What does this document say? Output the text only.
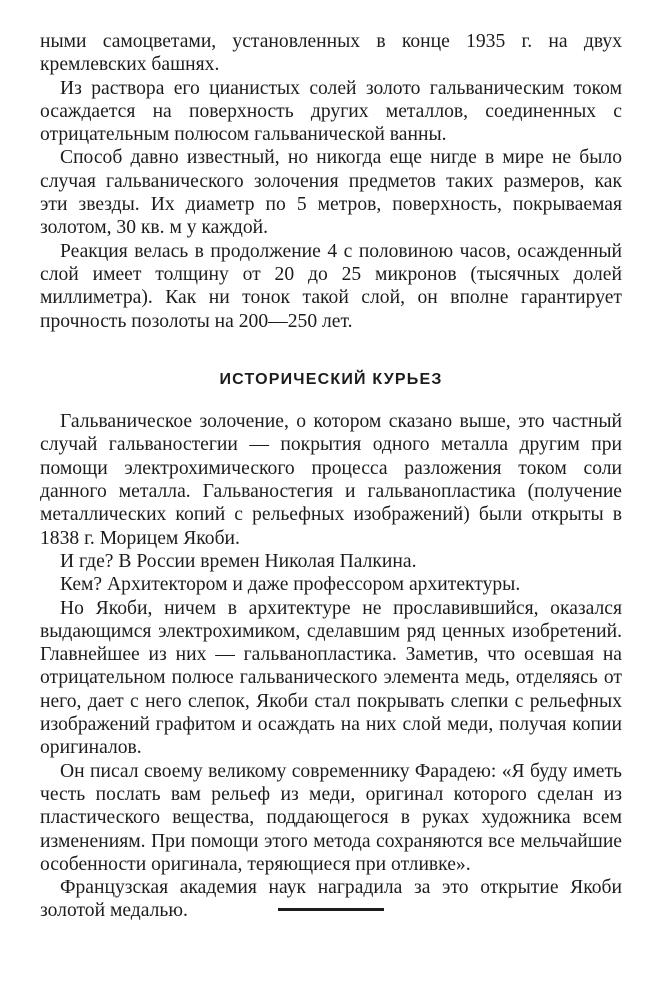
ными самоцветами, установленных в конце 1935 г. на двух кремлевских башнях.

Из раствора его цианистых солей золото гальваническим током осаждается на поверхность других металлов, соединенных с отрицательным полюсом гальванической ванны.

Способ давно известный, но никогда еще нигде в мире не было случая гальванического золочения предметов таких размеров, как эти звезды. Их диаметр по 5 метров, поверхность, покрываемая золотом, 30 кв. м у каждой.

Реакция велась в продолжение 4 с половиною часов, осажденный слой имеет толщину от 20 до 25 микронов (тысячных долей миллиметра). Как ни тонок такой слой, он вполне гарантирует прочность позолоты на 200—250 лет.

ИСТОРИЧЕСКИЙ КУРЬЕЗ

Гальваническое золочение, о котором сказано выше, это частный случай гальваностегии — покрытия одного металла другим при помощи электрохимического процесса разложения током соли данного металла. Гальваностегия и гальванопластика (получение металлических копий с рельефных изображений) были открыты в 1838 г. Морицем Якоби.

И где? В России времен Николая Палкина.

Кем? Архитектором и даже профессором архитектуры.

Но Якоби, ничем в архитектуре не прославившийся, оказался выдающимся электрохимиком, сделавшим ряд ценных изобретений. Главнейшее из них — гальванопластика. Заметив, что осевшая на отрицательном полюсе гальванического элемента медь, отделяясь от него, дает с него слепок, Якоби стал покрывать слепки с рельефных изображений графитом и осаждать на них слой меди, получая копии оригиналов.

Он писал своему великому современнику Фарадею: «Я буду иметь честь послать вам рельеф из меди, оригинал которого сделан из пластического вещества, поддающегося в руках художника всем изменениям. При помощи этого метода сохраняются все мельчайшие особенности оригинала, теряющиеся при отливке».

Французская академия наук наградила за это открытие Якоби золотой медалью.
